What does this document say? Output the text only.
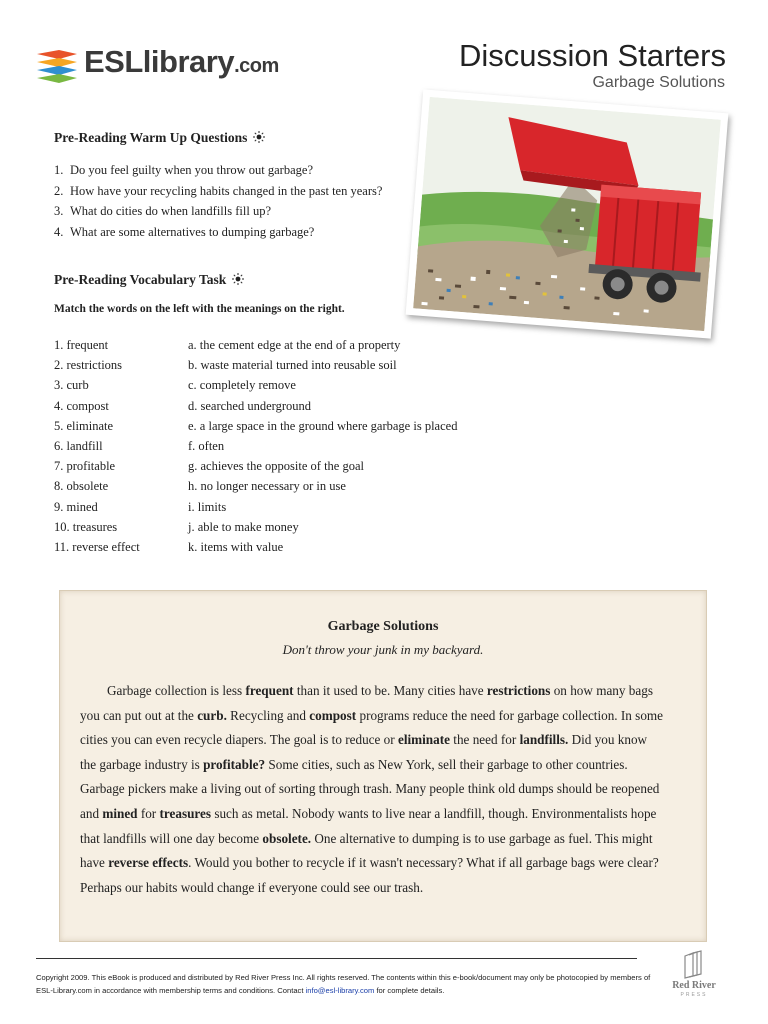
ESLlibrary.com	Discussion Starters
Garbage Solutions
Pre-Reading Warm Up Questions
1. Do you feel guilty when you throw out garbage?
2. How have your recycling habits changed in the past ten years?
3. What do cities do when landfills fill up?
4. What are some alternatives to dumping garbage?
Pre-Reading Vocabulary Task
Match the words on the left with the meanings on the right.
1. frequent	a. the cement edge at the end of a property
2. restrictions	b. waste material turned into reusable soil
3. curb	c. completely remove
4. compost	d. searched underground
5. eliminate	e. a large space in the ground where garbage is placed
6. landfill	f. often
7. profitable	g. achieves the opposite of the goal
8. obsolete	h. no longer necessary or in use
9. mined	i. limits
10. treasures	j. able to make money
11. reverse effect	k. items with value
Garbage Solutions
Don't throw your junk in my backyard.
Garbage collection is less frequent than it used to be. Many cities have restrictions on how many bags you can put out at the curb. Recycling and compost programs reduce the need for garbage collection. In some cities you can even recycle diapers. The goal is to reduce or eliminate the need for landfills. Did you know the garbage industry is profitable? Some cities, such as New York, sell their garbage to other countries. Garbage pickers make a living out of sorting through trash. Many people think old dumps should be reopened and mined for treasures such as metal. Nobody wants to live near a landfill, though. Environmentalists hope that landfills will one day become obsolete. One alternative to dumping is to use garbage as fuel. This might have reverse effects. Would you bother to recycle if it wasn't necessary? What if all garbage bags were clear? Perhaps our habits would change if everyone could see our trash.
Copyright 2009. This eBook is produced and distributed by Red River Press Inc. All rights reserved. The contents within this e-book/document may only be photocopied by members of ESL-Library.com in accordance with membership terms and conditions. Contact info@esl-library.com for complete details.	Red River
PRESS
